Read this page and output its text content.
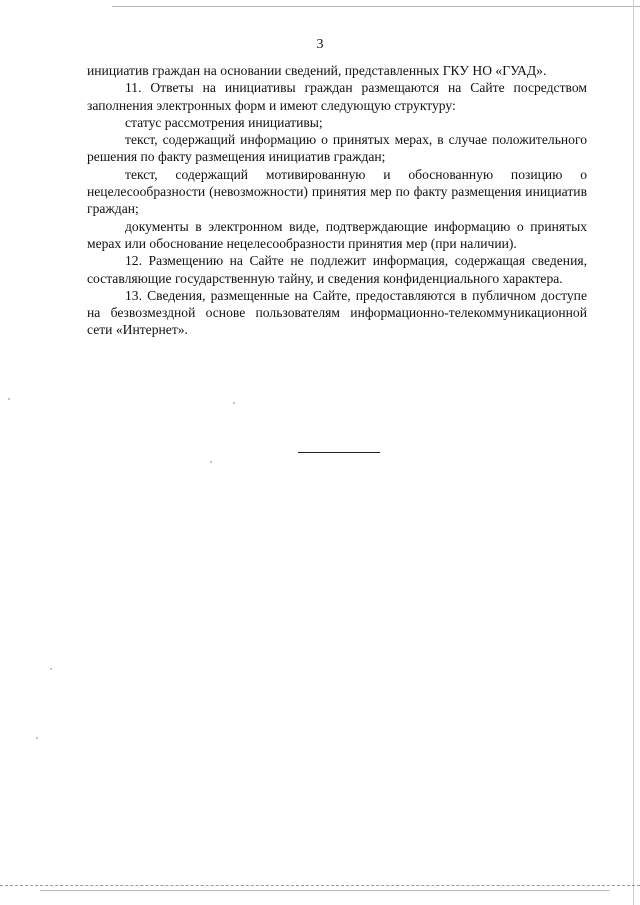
3

инициатив граждан на основании сведений, представленных ГКУ НО «ГУАД».

11. Ответы на инициативы граждан размещаются на Сайте посредством заполнения электронных форм и имеют следующую структуру:

статус рассмотрения инициативы;

текст, содержащий информацию о принятых мерах, в случае положительного решения по факту размещения инициатив граждан;

текст, содержащий мотивированную и обоснованную позицию о нецелесообразности (невозможности) принятия мер по факту размещения инициатив граждан;

документы в электронном виде, подтверждающие информацию о принятых мерах или обоснование нецелесообразности принятия мер (при наличии).

12. Размещению на Сайте не подлежит информация, содержащая сведения, составляющие государственную тайну, и сведения конфиденциального характера.

13. Сведения, размещенные на Сайте, предоставляются в публичном доступе на безвозмездной основе пользователям информационно-телекоммуникационной сети «Интернет».
